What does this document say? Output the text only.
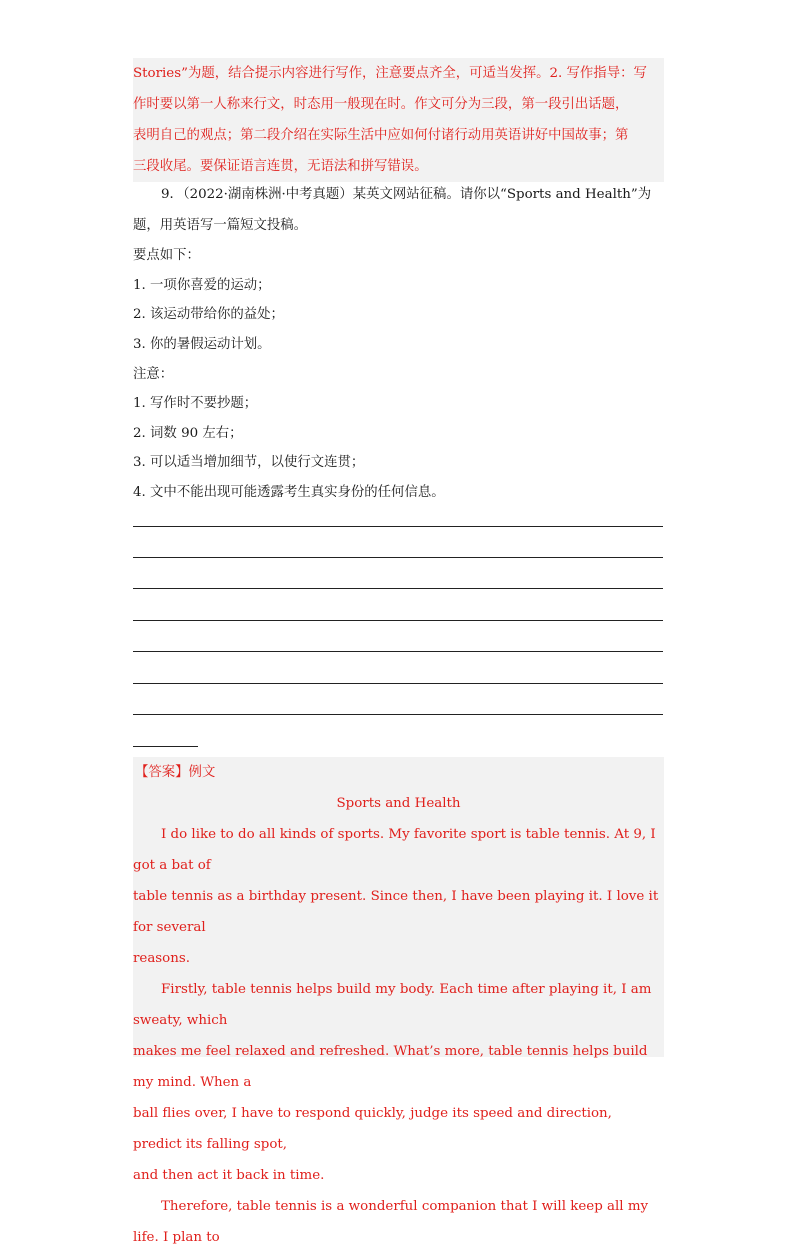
Stories”为题，结合提示内容进行写作，注意要点齐全，可适当发挥。2. 写作指导：写

作时要以第一人称来行文，时态用一般现在时。作文可分为三段，第一段引出话题，

表明自己的观点；第二段介绍在实际生活中应如何付诸行动用英语讲好中国故事；第

三段收尾。要保证语言连贯，无语法和拼写错误。

9．（2022·湖南株洲·中考真题）某英文网站征稿。请你以“Sports and Health”为
题，用英语写一篇短文投稿。
要点如下：
1. 一项你喜爱的运动；
2. 该运动带给你的益处；
3. 你的暑假运动计划。
注意：
1. 写作时不要抄题；
2. 词数 90 左右；
3. 可以适当增加细节，以使行文连贯；
4. 文中不能出现可能透露考生真实身份的任何信息。

【答案】例文

Sports and Health

I do like to do all kinds of sports. My favorite sport is table tennis. At 9, I got a bat of

table tennis as a birthday present. Since then, I have been playing it. I love it for several

reasons.

Firstly, table tennis helps build my body. Each time after playing it, I am sweaty, which

makes me feel relaxed and refreshed. What’s more, table tennis helps build my mind. When a

ball flies over, I have to respond quickly, judge its speed and direction, predict its falling spot,

and then act it back in time.

Therefore, table tennis is a wonderful companion that I will keep all my life. I plan to
